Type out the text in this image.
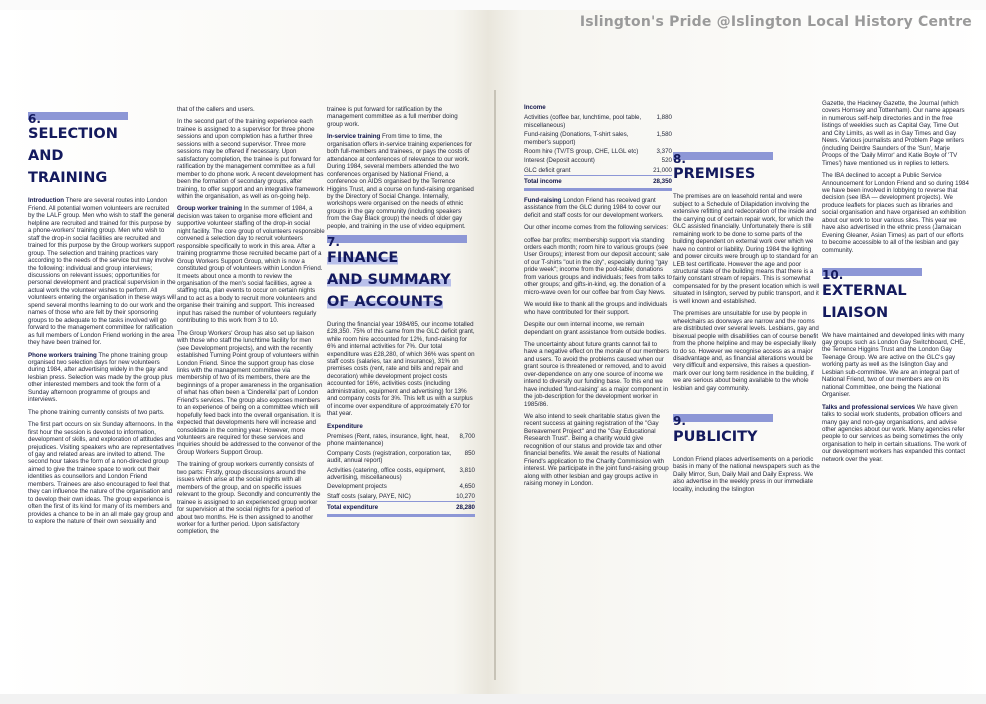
Islington's Pride @Islington Local History Centre
6.
SELECTION
AND
TRAINING

Introduction There are several routes into London Friend. All potential women volunteers are recruited by the LALF group. Men who wish to staff the general helpline are recruited and trained for this purpose by a phone-workers' training group. Men who wish to staff the drop-in social facilities are recruited and trained for this purpose by the Group workers support group. The selection and training practices vary according to the needs of the service but may involve the following: individual and group interviews; discussions on relevant issues; opportunities for personal development and practical supervision in the actual work the volunteer wishes to perform. All volunteers entering the organisation in these ways will spend several months learning to do our work and the names of those who are felt by their sponsoring groups to be adequate to the tasks involved will go forward to the management committee for ratification as full members of London Friend working in the area they have been trained for.

Phone workers training The phone training group organised two selection days for new volunteers during 1984, after advertising widely in the gay and lesbian press. Selection was made by the group plus other interested members and took the form of a Sunday afternoon programme of groups and interviews.

The phone training currently consists of two parts.

The first part occurs on six Sunday afternoons. In the first hour the session is devoted to information, development of skills, and exploration of attitudes and prejudices. Visiting speakers who are representatives of gay and related areas are invited to attend. The second hour takes the form of a non-directed group aimed to give the trainee space to work out their identities as counsellors and London Friend members. Trainees are also encouraged to feel that they can influence the nature of the organisation and to develop their own ideas. The group experience is often the first of its kind for many of its members and provides a chance to be in an all male gay group and to explore the nature of their own sexuality and

that of the callers and users.

In the second part of the training experience each trainee is assigned to a supervisor for three phone sessions and upon completion has a further three sessions with a second supervisor. Three more sessions may be offered if necessary. Upon satisfactory completion, the trainee is put forward for ratification by the management committee as a full member to do phone work. A recent development has been the formation of secondary groups, after training, to offer support and an integrative framework within the organisation, as well as on-going help.

Group worker training In the summer of 1984, a decision was taken to organise more efficient and supportive volunteer staffing of the drop-in social night facility. The core group of volunteers responsible convened a selection day to recruit volunteers responsible specifically to work in this area. After a training programme those recruited became part of a Group Workers Support Group, which is now a constituted group of volunteers within London Friend. It meets about once a month to review the organisation of the men's social facilities, agree a staffing rota, plan events to occur on certain nights and to act as a body to recruit more volunteers and organise their training and support. This increased input has raised the number of volunteers regularly contributing to this work from 3 to 10.

The Group Workers' Group has also set up liaison with those who staff the lunchtime facility for men (see Development projects), and with the recently established Turning Point group of volunteers within London Friend. Since the support group has close links with the management committee via membership of two of its members, there are the beginnings of a proper awareness in the organisation of what has often been a 'Cinderella' part of London Friend's services. The group also exposes members to an experience of being on a committee which will hopefully feed back into the overall organisation. It is expected that developments here will increase and consolidate in the coming year. However, more volunteers are required for these services and inquiries should be addressed to the convenor of the Group Workers Support Group.

The training of group workers currently consists of two parts: Firstly, group discussions around the issues which arise at the social nights with all members of the group, and on specific issues relevant to the group. Secondly and concurrently the trainee is assigned to an experienced group worker for supervision at the social nights for a period of about two months. He is then assigned to another worker for a further period. Upon satisfactory completion, the

trainee is put forward for ratification by the management committee as a full member doing group work.

In-service training From time to time, the organisation offers in-service training experiences for both full-members and trainees, or pays the costs of attendance at conferences of relevance to our work. During 1984, several members attended the two conferences organised by National Friend, a conference on AIDS organised by the Terrence Higgins Trust, and a course on fund-raising organised by the Directory of Social Change. Internally, workshops were organised on the needs of ethnic groups in the gay community (including speakers from the Gay Black group) the needs of older gay people, and training in the use of video equipment.

7.
FINANCE
AND SUMMARY
OF ACCOUNTS

During the financial year 1984/85, our income totalled £28,350. 75% of this came from the GLC deficit grant, while room hire accounted for 12%, fund-raising for 6% and internal activities for 7%. Our total expenditure was £28,280, of which 36% was spent on staff costs (salaries, tax and insurance), 31% on premises costs (rent, rate and bills and repair and decoration) while development project costs accounted for 16%, activities costs (including administration, equipment and advertising) for 13% and company costs for 3%. This left us with a surplus of income over expenditure of approximately £70 for that year.

Expenditure
Premises (Rent, rates, insurance, light, heat, phone maintenance)	8,700
Company Costs (registration, corporation tax, audit, annual report)	850
Activities (catering, office costs, equipment, advertising, miscellaneous)	3,810
Development projects	4,650
Staff costs (salary, PAYE, NIC)	10,270
Total expenditure	28,280
Income
Activities (coffee bar, lunchtime, pool table, miscellaneous)	1,880
Fund-raising (Donations, T-shirt sales, member's support)	1,580
Room hire (TV/TS group, CHE, LLGL etc)	3,370
Interest (Deposit account)	520
GLC deficit grant	21,000
Total income	28,350

Fund-raising London Friend has received grant assistance from the GLC during 1984 to cover our deficit and staff costs for our development workers.

Our other income comes from the following services:

coffee bar profits; membership support via standing orders each month; room hire to various groups (see User Groups); interest from our deposit account; sale of our T-shirts "out in the city", especially during "gay pride week"; income from the pool-table; donations from various groups and individuals; fees from talks to other groups; and gifts-in-kind, eg. the donation of a micro-wave oven for our coffee bar from Gay News.

We would like to thank all the groups and individuals who have contributed for their support.

Despite our own internal income, we remain dependant on grant assistance from outside bodies.

The uncertainty about future grants cannot fail to have a negative effect on the morale of our members and users. To avoid the problems caused when our grant source is threatened or removed, and to avoid over-dependence on any one source of income we intend to diversify our funding base. To this end we have included 'fund-raising' as a major component in the job-description for the development worker in 1985/86.

We also intend to seek charitable status given the recent success at gaining registration of the "Gay Bereavement Project" and the "Gay Educational Research Trust". Being a charity would give recognition of our status and provide tax and other financial benefits. We await the results of National Friend's application to the Charity Commission with interest. We participate in the joint fund-raising group along with other lesbian and gay groups active in raising money in London.

8.
PREMISES

The premises are on leasehold rental and were subject to a Schedule of Dilapidation involving the extensive refitting and redecoration of the inside and the carrying out of certain repair work, for which the GLC assisted financially. Unfortunately there is still remaining work to be done to some parts of the building dependent on external work over which we have no control or liability. During 1984 the lighting and power circuits were brough up to standard for an LEB test certificate. However the age and poor structural state of the building means that there is a fairly constant stream of repairs. This is somewhat compensated for by the present location which is well situated in Islington, served by public transport, and it is well known and established.

The premises are unsuitable for use by people in wheelchairs as doorways are narrow and the rooms are distributed over several levels. Lesbians, gay and bisexual people with disabilities can of course benefit from the phone helpline and may be especially likely to do so. However we recognise access as a major disadvantage and, as financial alterations would be very difficult and expensive, this raises a question-mark over our long term residence in the building, if we are serious about being available to the whole lesbian and gay community.

9.
PUBLICITY

London Friend places advertisements on a periodic basis in many of the national newspapers such as the Daily Mirror, Sun, Daily Mail and Daily Express. We also advertise in the weekly press in our immediate locality, including the Islington

Gazette, the Hackney Gazette, the Journal (which covers Hornsey and Tottenham). Our name appears in numerous self-help directories and in the free listings of weeklies such as Capital Gay, Time Out and City Limits, as well as in Gay Times and Gay News. Various journalists and Problem Page writers (including Deirdre Saunders of the 'Sun', Marje Proops of the 'Daily Mirror' and Katie Boyle of 'TV Times') have mentioned us in replies to letters.

The IBA declined to accept a Public Service Announcement for London Friend and so during 1984 we have been involved in lobbying to reverse that decision (see IBA — development projects). We produce leaflets for places such as libraries and social organisation and have organised an exhibition about our work to tour various sites. This year we have also advertised in the ethnic press (Jamaican Evening Gleaner, Asian Times) as part of our efforts to become accessible to all of the lesbian and gay community.

10.
EXTERNAL
LIAISON

We have maintained and developed links with many gay groups such as London Gay Switchboard, CHE, the Terrence Higgins Trust and the London Gay Teenage Group. We are active on the GLC's gay working party as well as the Islington Gay and Lesbian sub-committee. We are an integral part of National Friend, two of our members are on its national Committee, one being the National Organiser.

Talks and professional services We have given talks to social work students, probation officers and many gay and non-gay organisations, and advise other agencies about our work. Many agencies refer people to our services as being sometimes the only organisation to help in certain situations. The work of our development workers has expanded this contact network over the year.
